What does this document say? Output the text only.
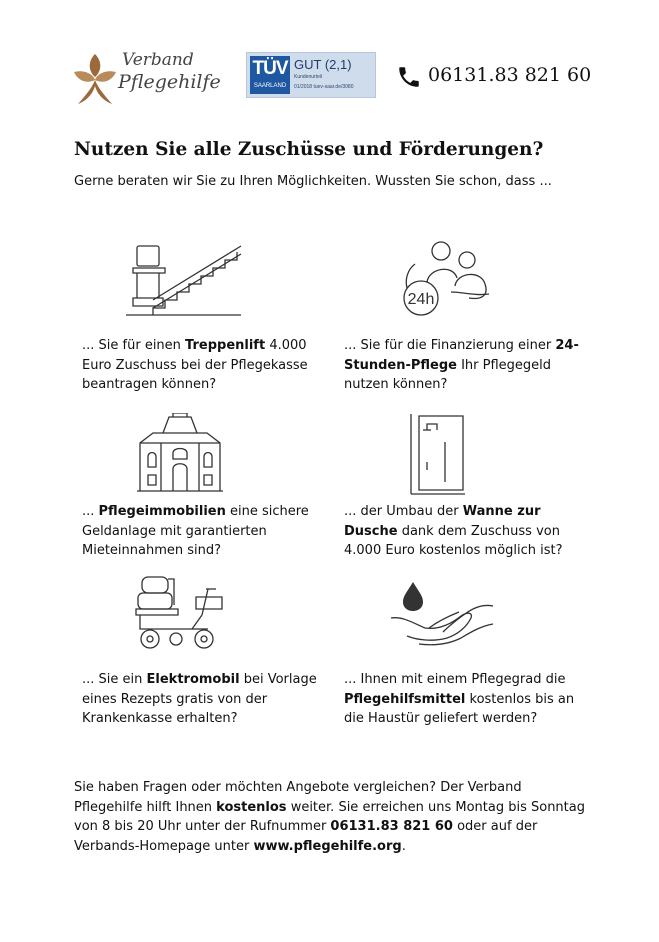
Verband
Pflegehilfe
TÜV
SAARLAND
GUT (2,1)
Kundenurteil
01/2018 tuev-saar.de/3080
06131.83 821 60
Nutzen Sie alle Zuschüsse und Förderungen?
Gerne beraten wir Sie zu Ihren Möglichkeiten. Wussten Sie schon, dass ...
24h
... Sie für einen Treppenlift 4.000 Euro Zuschuss bei der Pflegekasse beantragen können?
... Sie für die Finanzierung einer 24-Stunden-Pflege Ihr Pflegegeld nutzen können?
... Pflegeimmobilien eine sichere Geldanlage mit garantierten Mieteinnahmen sind?
... der Umbau der Wanne zur Dusche dank dem Zuschuss von 4.000 Euro kostenlos möglich ist?
... Sie ein Elektromobil bei Vorlage eines Rezepts gratis von der Krankenkasse erhalten?
... Ihnen mit einem Pflegegrad die Pflegehilfsmittel kostenlos bis an die Haustür geliefert werden?
Sie haben Fragen oder möchten Angebote vergleichen? Der Verband Pflegehilfe hilft Ihnen kostenlos weiter. Sie erreichen uns Montag bis Sonntag von 8 bis 20 Uhr unter der Rufnummer 06131.83 821 60 oder auf der Verbands-Homepage unter www.pflegehilfe.org.
